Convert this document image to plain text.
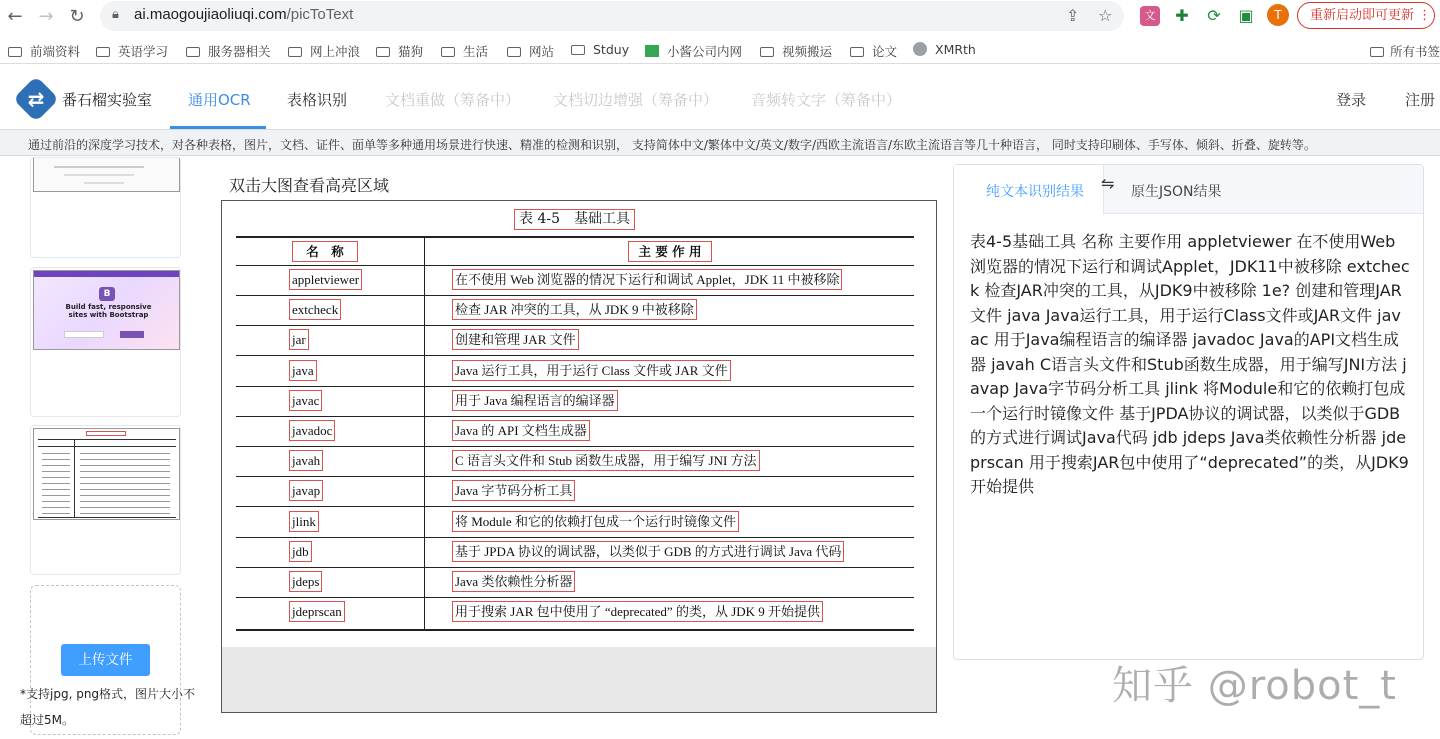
← → ↻ 🔒︎ ai.maogoujiaoliuqi.com/picToText	⇪ ☆	文 ✚ ⟳ ▣	T	重新启动即可更新 ⋮
前端资料	英语学习	服务器相关	网上冲浪	猫狗	生活	网站	Stduy	小酱公司内网	视频搬运	论文	XMRth	所有书签
⇄	番石榴实验室 通用OCR 表格识别	文档重做（筹备中） 文档切边增强（筹备中） 音频转文字（筹备中）	登录	注册
通过前沿的深度学习技术，对各种表格，图片，文档、证件、面单等多种通用场景进行快速、精准的检测和识别， 支持简体中文/繁体中文/英文/数字/西欧主流语言/东欧主流语言等几十种语言， 同时支持印刷体、手写体、倾斜、折叠、旋转等。
B
Build fast, responsive sites with Bootstrap
上传文件
*支持jpg, png格式，图片大小不超过5M。
双击大图查看高亮区域
表 4-5　基础工具
名　称	主 要 作 用
appletviewer	在不使用 Web 浏览器的情况下运行和调试 Applet，JDK 11 中被移除
extcheck	检查 JAR 冲突的工具，从 JDK 9 中被移除
jar	创建和管理 JAR 文件
java	Java 运行工具，用于运行 Class 文件或 JAR 文件
javac	用于 Java 编程语言的编译器
javadoc	Java 的 API 文档生成器
javah	C 语言头文件和 Stub 函数生成器，用于编写 JNI 方法
javap	Java 字节码分析工具
jlink	将 Module 和它的依赖打包成一个运行时镜像文件
jdb	基于 JPDA 协议的调试器，以类似于 GDB 的方式进行调试 Java 代码
jdeps	Java 类依赖性分析器
jdeprscan	用于搜索 JAR 包中使用了 “deprecated” 的类，从 JDK 9 开始提供
纯文本识别结果 ⇋ 原生JSON结果
表4-5基础工具 名称 主要作用 appletviewer 在不使用Web浏览器的情况下运行和调试Applet，JDK11中被移除 extcheck 检查JAR冲突的工具，从JDK9中被移除 1e? 创建和管理JAR文件 java Java运行工具，用于运行Class文件或JAR文件 javac 用于Java编程语言的编译器 javadoc Java的API文档生成器 javah C语言头文件和Stub函数生成器，用于编写JNI方法 javap Java字节码分析工具 jlink 将Module和它的依赖打包成一个运行时镜像文件 基于JPDA协议的调试器，以类似于GDB的方式进行调试Java代码 jdb jdeps Java类依赖性分析器 jdeprscan 用于搜索JAR包中使用了“deprecated”的类，从JDK9开始提供
知乎 @robot_t
